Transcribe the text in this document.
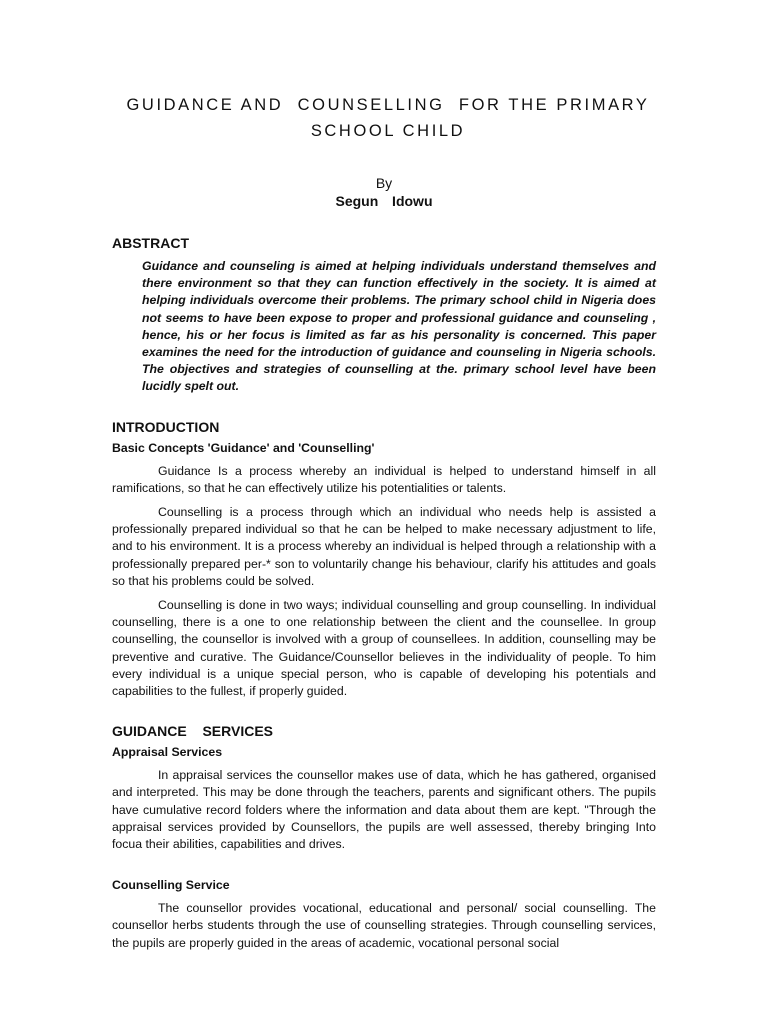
GUIDANCE AND  COUNSELLING  FOR THE PRIMARY
SCHOOL CHILD
By
Segun  Idowu
ABSTRACT
Guidance and counseling is aimed at helping individuals understand themselves and there environment so that they can function effectively in the society. It is aimed at helping individuals overcome their problems. The primary school child in Nigeria does not seems to have been expose to proper and professional guidance and counseling , hence, his or her focus is limited as far as his personality is concerned. This paper examines the need for the introduction of guidance and counseling in Nigeria schools. The objectives and strategies of counselling at the. primary school level have been lucidly spelt out.
INTRODUCTION
Basic Concepts 'Guidance' and 'Counselling'
Guidance Is a process whereby an individual is helped to understand himself in all ramifications, so that he can effectively utilize his potentialities or talents.
Counselling is a process through which an individual who needs help is assisted a professionally prepared individual so that he can be helped to make necessary adjustment to life, and to his environment. It is a process whereby an individual is helped through a relationship with a professionally prepared per-* son to voluntarily change his behaviour, clarify his attitudes and goals so that his problems could be solved.
Counselling is done in two ways; individual counselling and group counselling. In individual counselling, there is a one to one relationship between the client and the counsellee. In group counselling, the counsellor is involved with a group of counsellees. In addition, counselling may be preventive and curative. The Guidance/Counsellor believes in the individuality of people. To him every individual is a unique special person, who is capable of developing his potentials and capabilities to the fullest, if properly guided.
GUIDANCE  SERVICES
Appraisal Services
In appraisal services the counsellor makes use of data, which he has gathered, organised and interpreted. This may be done through the teachers, parents and significant others. The pupils have cumulative record folders where the information and data about them are kept. "Through the appraisal services provided by Counsellors, the pupils are well assessed, thereby bringing Into focua their abilities, capabilities and drives.
Counselling Service
The counsellor provides vocational, educational and personal/ social counselling. The counsellor herbs students through the use of counselling strategies. Through counselling services, the pupils are properly guided in the areas of academic, vocational personal social
